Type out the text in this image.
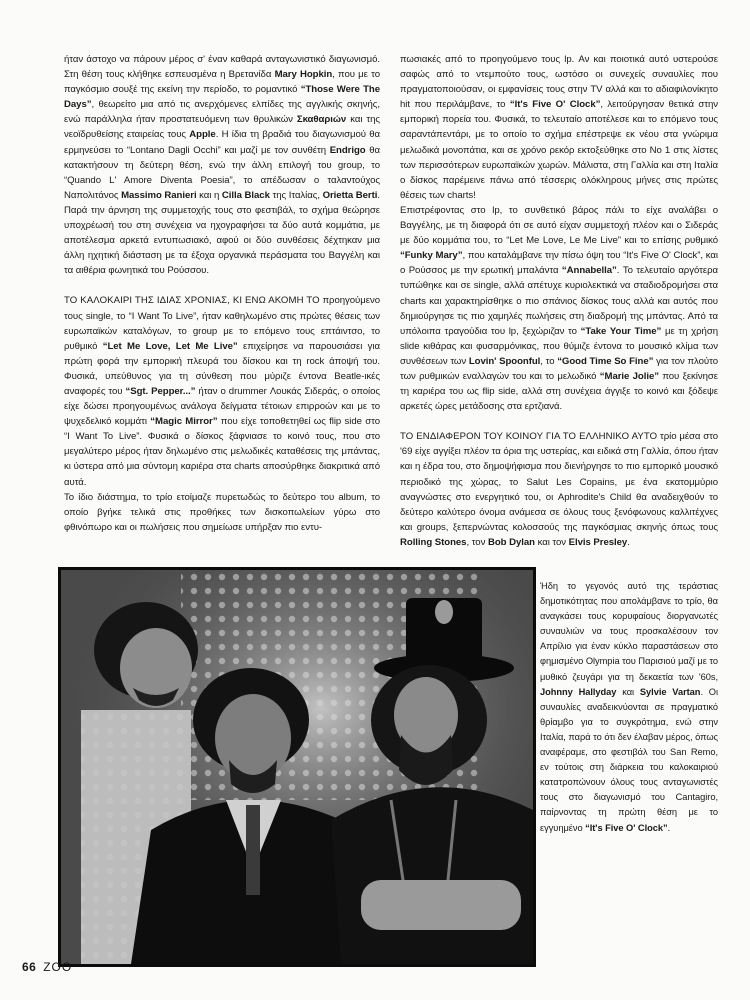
ήταν άστοχο να πάρουν μέρος σ' έναν καθαρά ανταγωνιστικό διαγωνισμό. Στη θέση τους κλήθηκε εσπευσμένα η Βρετανίδα Mary Hopkin, που με το παγκόσμιο σουξέ της εκείνη την περίοδο, το ρομαντικό “Those Were The Days”, θεωρείτο μια από τις ανερχόμενες ελπίδες της αγγλικής σκηνής, ενώ παράλληλα ήταν προστατευόμενη των θρυλικών Σκαθαριών και της νεοϊδρυθείσης εταιρείας τους Apple. Η ίδια τη βραδιά του διαγωνισμού θα ερμηνεύσει το “Lontano Dagli Occhi” και μαζί με τον συνθέτη Endrigo θα κατακτήσουν τη δεύτερη θέση, ενώ την άλλη επιλογή του group, το “Quando L' Amore Diventa Poesia”, το απέδωσαν ο ταλαντούχος Ναπολιτάνος Massimo Ranieri και η Cilla Black της Ιταλίας, Orietta Berti.

Παρά την άρνηση της συμμετοχής τους στο φεστιβάλ, το σχήμα θεώρησε υποχρέωσή του στη συνέχεια να ηχογραφήσει τα δύο αυτά κομμάτια, με αποτέλεσμα αρκετά εντυπωσιακό, αφού οι δύο συνθέσεις δέχτηκαν μια άλλη ηχητική διάσταση με τα έξοχα οργανικά περάσματα του Βαγγέλη και τα αιθέρια φωνητικά του Ρούσσου.

ΤΟ ΚΑΛΟΚΑΙΡΙ ΤΗΣ ΙΔΙΑΣ ΧΡΟΝΙΑΣ, ΚΙ ΕΝΩ ΑΚΟΜΗ ΤΟ προηγούμενο τους single, το “I Want To Live”, ήταν καθηλωμένο στις πρώτες θέσεις των ευρωπαϊκών καταλόγων, το group με το επόμενο τους επτάιντσο, το ρυθμικό “Let Me Love, Let Me Live” επιχείρησε να παρουσιάσει για πρώτη φορά την εμπορική πλευρά του δίσκου και τη rock άποψή του. Φυσικά, υπεύθυνος για τη σύνθεση που μύριζε έντονα Beatle-ικές αναφορές του “Sgt. Pepper...” ήταν ο drummer Λουκάς Σιδεράς, ο οποίος είχε δώσει προηγουμένως ανάλογα δείγματα τέτοιων επιρροών και με το ψυχεδελικό κομμάτι “Magic Mirror” που είχε τοποθετηθεί ως flip side στο “I Want To Live”. Φυσικά ο δίσκος ξάφνιασε το κοινό τους, που στο μεγαλύτερο μέρος ήταν δηλωμένο στις μελωδικές καταθέσεις της μπάντας, κι ύστερα από μια σύντομη καριέρα στα charts αποσύρθηκε διακριτικά από αυτά.

Το ίδιο διάστημα, το τρίο ετοίμαζε πυρετωδώς το δεύτερο του album, το οποίο βγήκε τελικά στις προθήκες των δισκοπωλείων γύρω στο φθινόπωρο και οι πωλήσεις που σημείωσε υπήρξαν πιο εντυ-

πωσιακές από το προηγούμενο τους lp. Αν και ποιοτικά αυτό υστερούσε σαφώς από το ντεμπούτο τους, ωστόσο οι συνεχείς συναυλίες που πραγματοποιούσαν, οι εμφανίσεις τους στην TV αλλά και το αδιαφιλονίκητο hit που περιλάμβανε, το “It's Five O' Clock”, λειτούργησαν θετικά στην εμπορική πορεία του. Φυσικά, το τελευταίο αποτέλεσε και το επόμενο τους σαραντάπεντάρι, με το οποίο το σχήμα επέστρεψε εκ νέου στα γνώριμα μελωδικά μονοπάτια, και σε χρόνο ρεκόρ εκτοξεύθηκε στο No 1 στις λίστες των περισσότερων ευρωπαϊκών χωρών. Μάλιστα, στη Γαλλία και στη Ιταλία ο δίσκος παρέμεινε πάνω από τέσσερις ολόκληρους μήνες στις πρώτες θέσεις των charts!

Επιστρέφοντας στο lp, το συνθετικό βάρος πάλι το είχε αναλάβει ο Βαγγέλης, με τη διαφορά ότι σε αυτό είχαν συμμετοχή πλέον και ο Σιδεράς με δύο κομμάτια του, το “Let Me Love, Le Me Live” και το επίσης ρυθμικό “Funky Mary”, που καταλάμβανε την πίσω όψη του “It's Five O' Clock”, και ο Ρούσσος με την ερωτική μπαλάντα “Annabella”. Το τελευταίο αργότερα τυπώθηκε και σε single, αλλά απέτυχε κυριολεκτικά να σταδιοδρομήσει στα charts και χαρακτηρίσθηκε ο πιο σπάνιος δίσκος τους αλλά και αυτός που δημιούργησε τις πιο χαμηλές πωλήσεις στη διαδρομή της μπάντας. Από τα υπόλοιπα τραγούδια του lp, ξεχώριζαν το “Take Your Time” με τη χρήση slide κιθάρας και φυσαρμόνικας, που θύμιζε έντονα το μουσικό κλίμα των συνθέσεων των Lovin' Spoonful, το “Good Time So Fine” για τον πλούτο των ρυθμικών εναλλαγών του και το μελωδικό “Marie Jolie” που ξεκίνησε τη καριέρα του ως flip side, αλλά στη συνέχεια άγγιξε το κοινό και ξόδεψε αρκετές ώρες μετάδοσης στα ερτζιανά.

ΤΟ ΕΝΔΙΑΦΕΡΟΝ ΤΟΥ ΚΟΙΝΟΥ ΓΙΑ ΤΟ ΕΛΛΗΝΙΚΟ ΑΥΤΟ τρίο μέσα στο '69 είχε αγγίξει πλέον τα όρια της υστερίας, και ειδικά στη Γαλλία, όπου ήταν και η έδρα του, στο δημοψήφισμα που διενήργησε το πιο εμπορικό μουσικό περιοδικό της χώρας, το Salut Les Copains, με ένα εκατομμύριο αναγνώστες στο ενεργητικό του, οι Aphrodite's Child θα αναδειχθούν το δεύτερο καλύτερο όνομα ανάμεσα σε όλους τους ξενόφωνους καλλιτέχνες και groups, ξεπερνώντας κολοσσούς της παγκόσμιας σκηνής όπως τους Rolling Stones, τον Bob Dylan και τον Elvis Presley.

Ήδη το γεγονός αυτό της τεράστιας δημοτικότητας που απολάμβανε το τρίο, θα αναγκάσει τους κορυφαίους διοργανωτές συναυλιών να τους προσκαλέσουν τον Απρίλιο για έναν κύκλο παραστάσεων στο φημισμένο Olympia του Παρισιού μαζί με το μυθικό ζευγάρι για τη δεκαετία των '60s, Johnny Hallyday και Sylvie Vartan. Οι συναυλίες αναδεικνύονται σε πραγματικό θρίαμβο για το συγκρότημα, ενώ στην Ιταλία, παρά το ότι δεν έλαβαν μέρος, όπως αναφέραμε, στο φεστιβάλ του San Remo, εν τούτοις στη διάρκεια του καλοκαιριού κατατροπώνουν όλους τους ανταγωνιστές τους στο διαγωνισμό του Cantagiro, παίρνοντας τη πρώτη θέση με το εγγυημένο “It's Five O' Clock”.

66 ZOO
